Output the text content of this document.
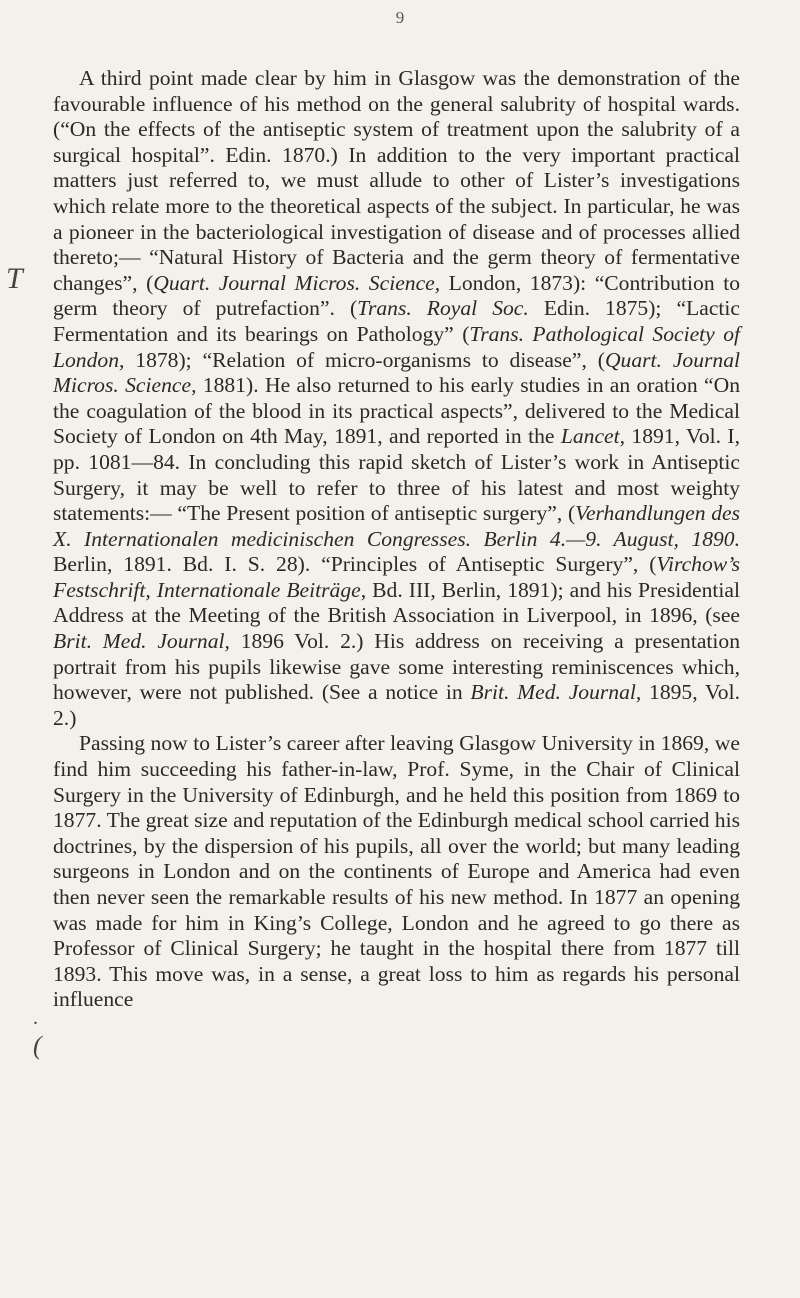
9
T
.
(

A third point made clear by him in Glasgow was the demonstration of the favourable influence of his method on the general salubrity of hospital wards. (“On the effects of the antiseptic system of treatment upon the salubrity of a surgical hospital”. Edin. 1870.) In addition to the very important practical matters just referred to, we must allude to other of Lister’s investigations which relate more to the theoretical aspects of the subject. In particular, he was a pioneer in the bacteriological investigation of disease and of processes allied thereto;— “Natural History of Bacteria and the germ theory of fermentative changes”, (Quart. Journal Micros. Science, London, 1873): “Contribution to germ theory of putrefaction”. (Trans. Royal Soc. Edin. 1875); “Lactic Fermentation and its bearings on Pathology” (Trans. Pathological Society of London, 1878); “Relation of micro-organisms to disease”, (Quart. Journal Micros. Science, 1881). He also returned to his early studies in an oration “On the coagulation of the blood in its practical aspects”, delivered to the Medical Society of London on 4th May, 1891, and reported in the Lancet, 1891, Vol. I, pp. 1081—84. In concluding this rapid sketch of Lister’s work in Antiseptic Surgery, it may be well to refer to three of his latest and most weighty statements:— “The Present position of antiseptic surgery”, (Verhandlungen des X. Internationalen medicinischen Congresses. Berlin 4.—9. August, 1890. Berlin, 1891. Bd. I. S. 28). “Principles of Antiseptic Surgery”, (Virchow’s Festschrift, Internationale Beiträge, Bd. III, Berlin, 1891); and his Presidential Address at the Meeting of the British Association in Liverpool, in 1896, (see Brit. Med. Journal, 1896 Vol. 2.) His address on receiving a presentation portrait from his pupils likewise gave some interesting reminiscences which, however, were not published. (See a notice in Brit. Med. Journal, 1895, Vol. 2.)

Passing now to Lister’s career after leaving Glasgow University in 1869, we find him succeeding his father-in-law, Prof. Syme, in the Chair of Clinical Surgery in the University of Edinburgh, and he held this position from 1869 to 1877. The great size and reputation of the Edinburgh medical school carried his doctrines, by the dispersion of his pupils, all over the world; but many leading surgeons in London and on the continents of Europe and America had even then never seen the remarkable results of his new method. In 1877 an opening was made for him in King’s College, London and he agreed to go there as Professor of Clinical Surgery; he taught in the hospital there from 1877 till 1893. This move was, in a sense, a great loss to him as regards his personal influence
